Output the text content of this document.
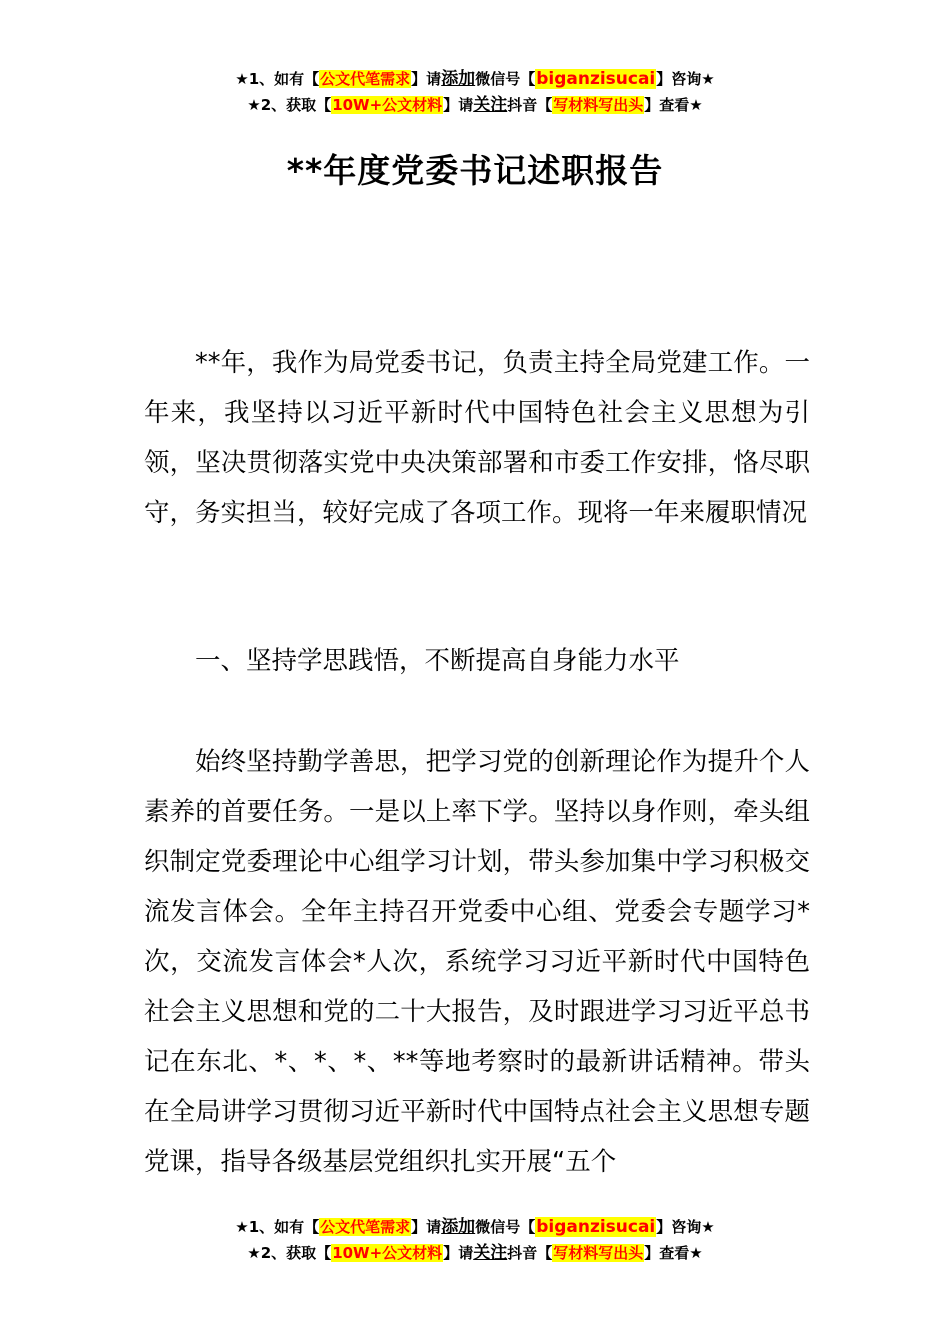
★1、如有【公文代笔需求】请添加微信号【biganzisucai】咨询★
★2、获取【10W+公文材料】请关注抖音【写材料写出头】查看★
**年度党委书记述职报告

**年，我作为局党委书记，负责主持全局党建工作。一年来，我坚持以习近平新时代中国特色社会主义思想为引领，坚决贯彻落实党中央决策部署和市委工作安排，恪尽职守，务实担当，较好完成了各项工作。现将一年来履职情况

一、坚持学思践悟，不断提高自身能力水平

始终坚持勤学善思，把学习党的创新理论作为提升个人素养的首要任务。一是以上率下学。坚持以身作则，牵头组织制定党委理论中心组学习计划，带头参加集中学习积极交流发言体会。全年主持召开党委中心组、党委会专题学习*次，交流发言体会*人次，系统学习习近平新时代中国特色社会主义思想和党的二十大报告，及时跟进学习习近平总书记在东北、*、*、*、**等地考察时的最新讲话精神。带头在全局讲学习贯彻习近平新时代中国特点社会主义思想专题党课，指导各级基层党组织扎实开展“五个

★1、如有【公文代笔需求】请添加微信号【biganzisucai】咨询★
★2、获取【10W+公文材料】请关注抖音【写材料写出头】查看★
